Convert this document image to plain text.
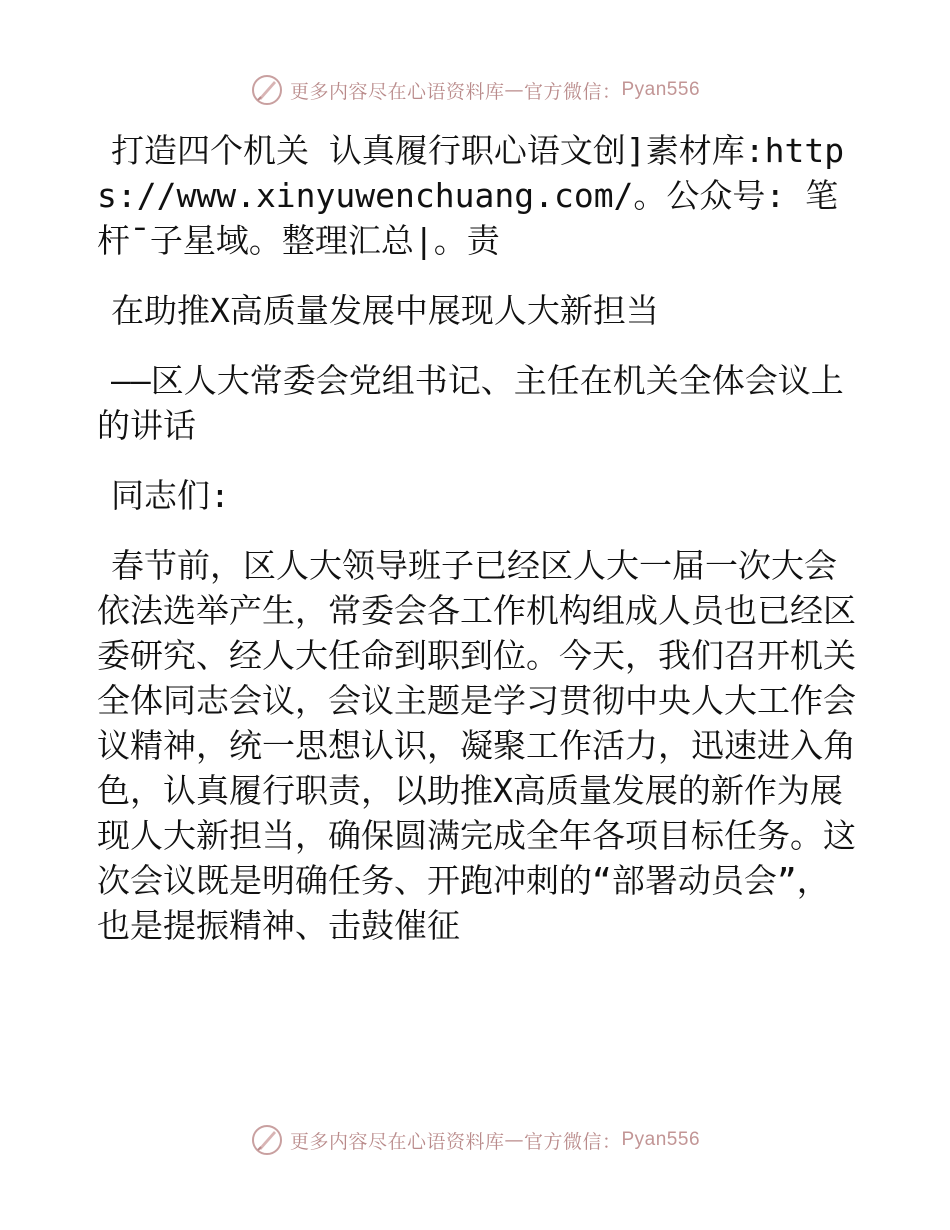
更多内容尽在心语资料库 — 官方微信： Pyan556

打造四个机关 认真履行职心语文创]素材库:https://www.xinyuwenchuang.com/。公众号: 笔杆¯子星域。整理汇总|。责

在助推X高质量发展中展现人大新担当

——区人大常委会党组书记、主任在机关全体会议上的讲话

同志们:

春节前，区人大领导班子已经区人大一届一次大会依法选举产生，常委会各工作机构组成人员也已经区委研究、经人大任命到职到位。今天，我们召开机关全体同志会议，会议主题是学习贯彻中央人大工作会议精神，统一思想认识，凝聚工作活力，迅速进入角色，认真履行职责，以助推X高质量发展的新作为展现人大新担当，确保圆满完成全年各项目标任务。这次会议既是明确任务、开跑冲刺的“部署动员会”，也是提振精神、击鼓催征

更多内容尽在心语资料库 — 官方微信： Pyan556
